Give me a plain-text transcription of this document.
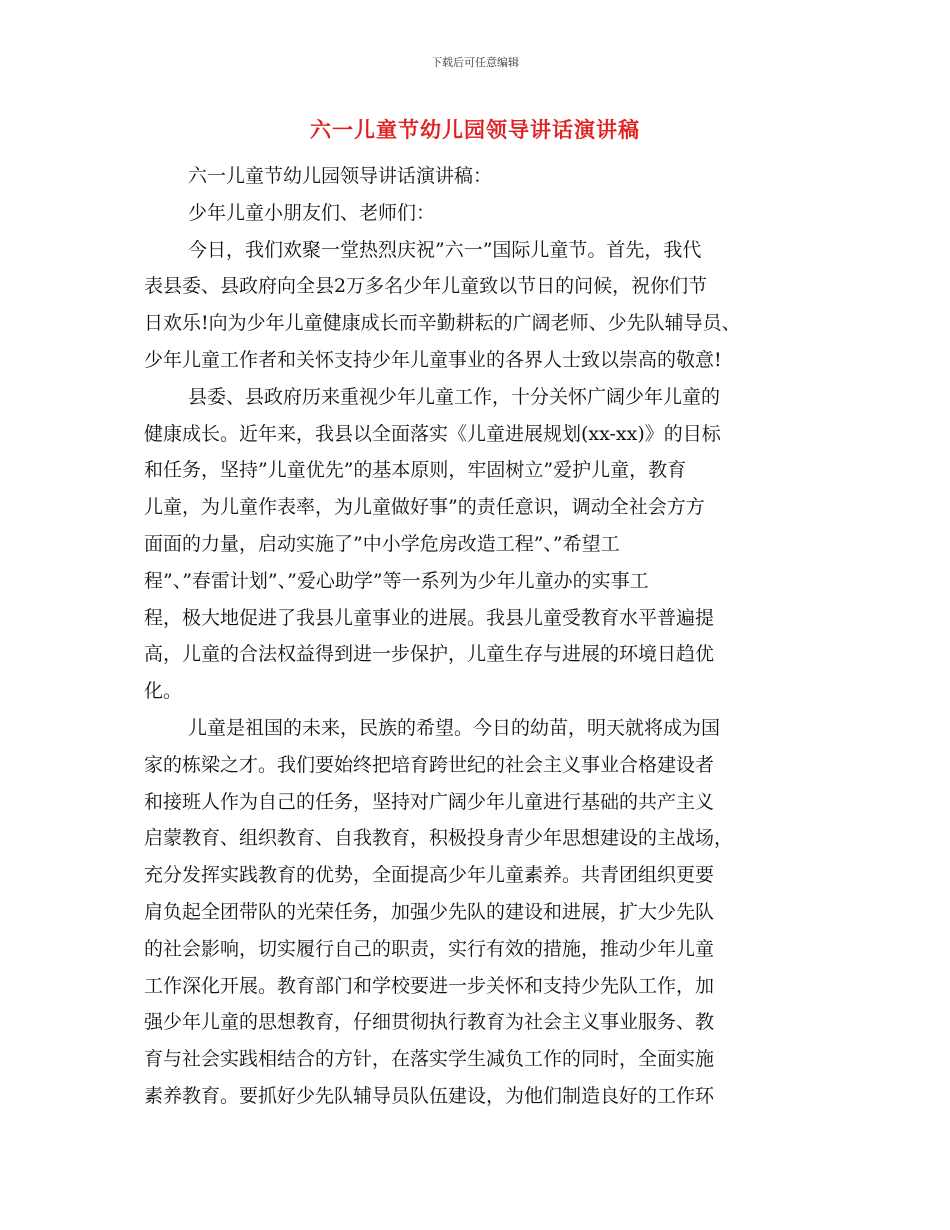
下载后可任意编辑
六一儿童节幼儿园领导讲话演讲稿
六一儿童节幼儿园领导讲话演讲稿：
少年儿童小朋友们、老师们：
今日，我们欢聚一堂热烈庆祝”六一”国际儿童节。首先，我代
表县委、县政府向全县2万多名少年儿童致以节日的问候，祝你们节
日欢乐!向为少年儿童健康成长而辛勤耕耘的广阔老师、少先队辅导员、
少年儿童工作者和关怀支持少年儿童事业的各界人士致以崇高的敬意!
县委、县政府历来重视少年儿童工作，十分关怀广阔少年儿童的
健康成长。近年来，我县以全面落实《儿童进展规划(xx-xx)》的目标
和任务，坚持”儿童优先”的基本原则，牢固树立”爱护儿童，教育
儿童，为儿童作表率，为儿童做好事”的责任意识，调动全社会方方
面面的力量，启动实施了”中小学危房改造工程”、”希望工
程”、”春雷计划”、”爱心助学”等一系列为少年儿童办的实事工
程，极大地促进了我县儿童事业的进展。我县儿童受教育水平普遍提
高，儿童的合法权益得到进一步保护，儿童生存与进展的环境日趋优
化。
儿童是祖国的未来，民族的希望。今日的幼苗，明天就将成为国
家的栋梁之才。我们要始终把培育跨世纪的社会主义事业合格建设者
和接班人作为自己的任务，坚持对广阔少年儿童进行基础的共产主义
启蒙教育、组织教育、自我教育，积极投身青少年思想建设的主战场，
充分发挥实践教育的优势，全面提高少年儿童素养。共青团组织更要
肩负起全团带队的光荣任务，加强少先队的建设和进展，扩大少先队
的社会影响，切实履行自己的职责，实行有效的措施，推动少年儿童
工作深化开展。教育部门和学校要进一步关怀和支持少先队工作，加
强少年儿童的思想教育，仔细贯彻执行教育为社会主义事业服务、教
育与社会实践相结合的方针，在落实学生减负工作的同时，全面实施
素养教育。要抓好少先队辅导员队伍建设，为他们制造良好的工作环
